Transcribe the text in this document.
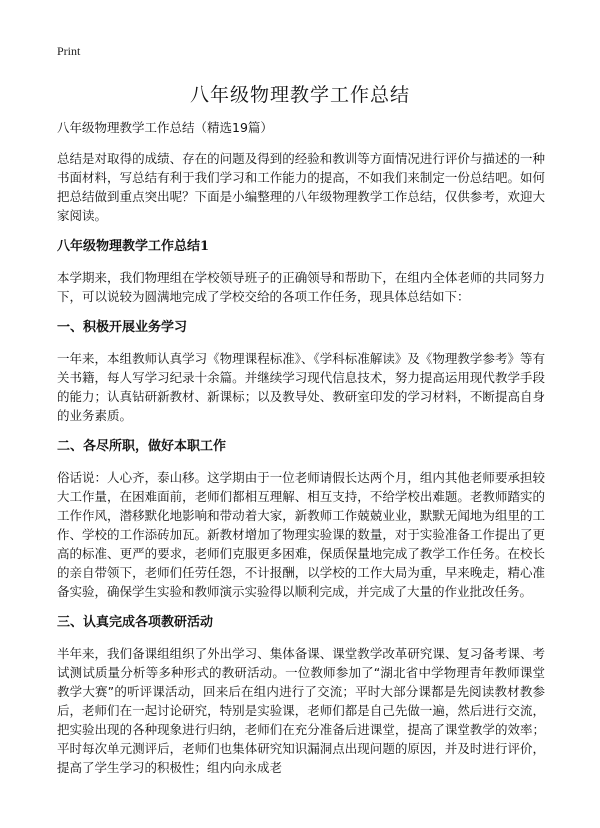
Print
八年级物理教学工作总结

八年级物理教学工作总结（精选19篇）

总结是对取得的成绩、存在的问题及得到的经验和教训等方面情况进行评价与描述的一种书面材料，写总结有利于我们学习和工作能力的提高，不如我们来制定一份总结吧。如何把总结做到重点突出呢？下面是小编整理的八年级物理教学工作总结，仅供参考，欢迎大家阅读。

八年级物理教学工作总结1

本学期来，我们物理组在学校领导班子的正确领导和帮助下，在组内全体老师的共同努力下，可以说较为圆满地完成了学校交给的各项工作任务，现具体总结如下：

一、积极开展业务学习

一年来，本组教师认真学习《物理课程标准》、《学科标准解读》及《物理教学参考》等有关书籍，每人写学习纪录十余篇。并继续学习现代信息技术，努力提高运用现代教学手段的能力；认真钻研新教材、新课标；以及教导处、教研室印发的学习材料，不断提高自身的业务素质。

二、各尽所职，做好本职工作

俗话说：人心齐，泰山移。这学期由于一位老师请假长达两个月，组内其他老师要承担较大工作量，在困难面前，老师们都相互理解、相互支持，不给学校出难题。老教师踏实的工作作风，潜移默化地影响和带动着大家，新教师工作兢兢业业，默默无闻地为组里的工作、学校的工作添砖加瓦。新教材增加了物理实验课的数量，对于实验准备工作提出了更高的标准、更严的要求，老师们克服更多困难，保质保量地完成了教学工作任务。在校长的亲自带领下，老师们任劳任怨，不计报酬，以学校的工作大局为重，早来晚走，精心准备实验，确保学生实验和教师演示实验得以顺利完成，并完成了大量的作业批改任务。

三、认真完成各项教研活动

半年来，我们备课组组织了外出学习、集体备课、课堂教学改革研究课、复习备考课、考试测试质量分析等多种形式的教研活动。一位教师参加了“湖北省中学物理青年教师课堂教学大赛”的听评课活动，回来后在组内进行了交流；平时大部分课都是先阅读教材教参后，老师们在一起讨论研究，特别是实验课，老师们都是自己先做一遍，然后进行交流，把实验出现的各种现象进行归纳，老师们在充分准备后进课堂，提高了课堂教学的效率；平时每次单元测评后，老师们也集体研究知识漏洞点出现问题的原因，并及时进行评价，提高了学生学习的积极性；组内向永成老
